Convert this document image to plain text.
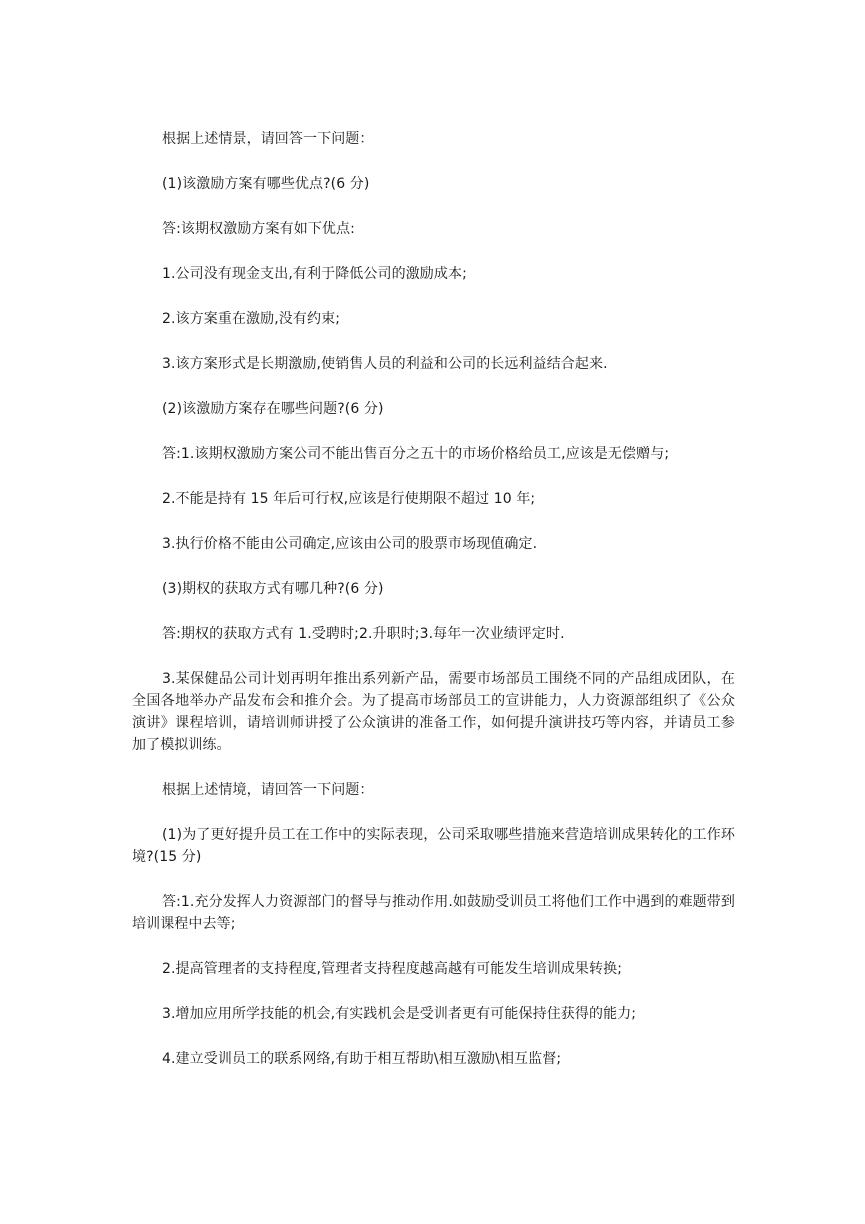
根据上述情景，请回答一下问题：

(1)该激励方案有哪些优点?(6 分)

答:该期权激励方案有如下优点:

1.公司没有现金支出,有利于降低公司的激励成本;

2.该方案重在激励,没有约束;

3.该方案形式是长期激励,使销售人员的利益和公司的长远利益结合起来.

(2)该激励方案存在哪些问题?(6 分)

答:1.该期权激励方案公司不能出售百分之五十的市场价格给员工,应该是无偿赠与;

2.不能是持有 15 年后可行权,应该是行使期限不超过 10 年;

3.执行价格不能由公司确定,应该由公司的股票市场现值确定.

(3)期权的获取方式有哪几种?(6 分)

答:期权的获取方式有 1.受聘时;2.升职时;3.每年一次业绩评定时.

3.某保健品公司计划再明年推出系列新产品，需要市场部员工围绕不同的产品组成团队，在全国各地举办产品发布会和推介会。为了提高市场部员工的宣讲能力，人力资源部组织了《公众演讲》课程培训，请培训师讲授了公众演讲的准备工作，如何提升演讲技巧等内容，并请员工参加了模拟训练。

根据上述情境，请回答一下问题：

(1)为了更好提升员工在工作中的实际表现，公司采取哪些措施来营造培训成果转化的工作环境?(15 分)

答:1.充分发挥人力资源部门的督导与推动作用.如鼓励受训员工将他们工作中遇到的难题带到培训课程中去等;

2.提高管理者的支持程度,管理者支持程度越高越有可能发生培训成果转换;

3.增加应用所学技能的机会,有实践机会是受训者更有可能保持住获得的能力;

4.建立受训员工的联系网络,有助于相互帮助\相互激励\相互监督;
